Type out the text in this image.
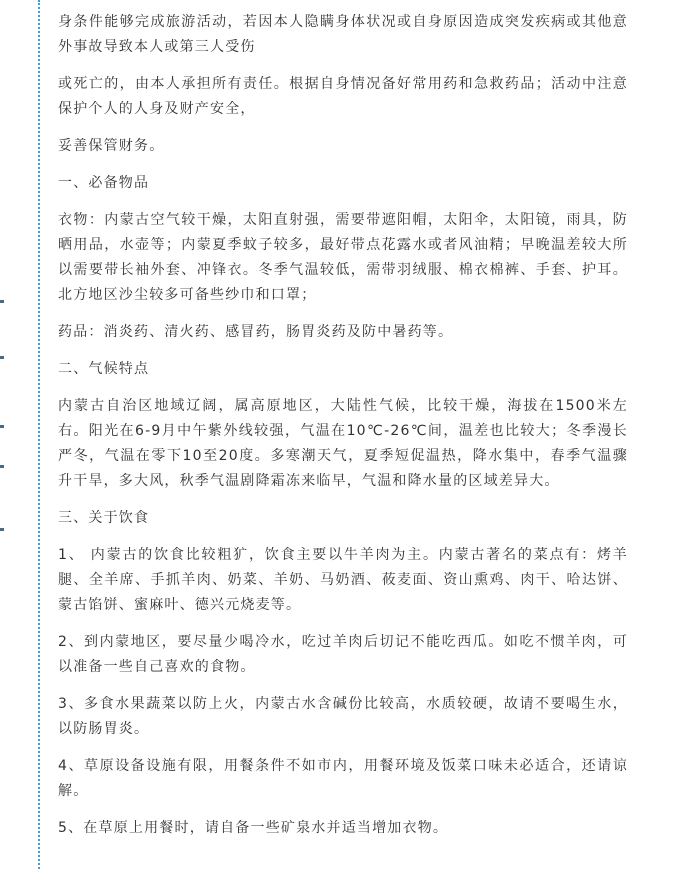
身条件能够完成旅游活动，若因本人隐瞒身体状况或自身原因造成突发疾病或其他意外事故导致本人或第三人受伤

或死亡的，由本人承担所有责任。根据自身情况备好常用药和急救药品；活动中注意保护个人的人身及财产安全，

妥善保管财务。

一、必备物品

衣物：内蒙古空气较干燥，太阳直射强，需要带遮阳帽，太阳伞，太阳镜，雨具，防晒用品，水壶等；内蒙夏季蚊子较多，最好带点花露水或者风油精；早晚温差较大所以需要带长袖外套、冲锋衣。冬季气温较低，需带羽绒服、棉衣棉裤、手套、护耳。北方地区沙尘较多可备些纱巾和口罩；

药品：消炎药、清火药、感冒药，肠胃炎药及防中暑药等。

二、气候特点

内蒙古自治区地域辽阔，属高原地区，大陆性气候，比较干燥，海拔在1500米左右。阳光在6-9月中午紫外线较强，气温在10℃-26℃间，温差也比较大；冬季漫长严冬，气温在零下10至20度。多寒潮天气，夏季短促温热，降水集中，春季气温骤升干旱，多大风，秋季气温剧降霜冻来临早，气温和降水量的区域差异大。

三、关于饮食

1、 内蒙古的饮食比较粗犷，饮食主要以牛羊肉为主。内蒙古著名的菜点有：烤羊腿、全羊席、手抓羊肉、奶菜、羊奶、马奶酒、莜麦面、资山熏鸡、肉干、哈达饼、蒙古馅饼、蜜麻叶、德兴元烧麦等。

2、到内蒙地区，要尽量少喝冷水，吃过羊肉后切记不能吃西瓜。如吃不惯羊肉，可以准备一些自己喜欢的食物。

3、多食水果蔬菜以防上火，内蒙古水含碱份比较高，水质较硬，故请不要喝生水，以防肠胃炎。

4、草原设备设施有限，用餐条件不如市内，用餐环境及饭菜口味未必适合，还请谅解。

5、在草原上用餐时，请自备一些矿泉水并适当增加衣物。
